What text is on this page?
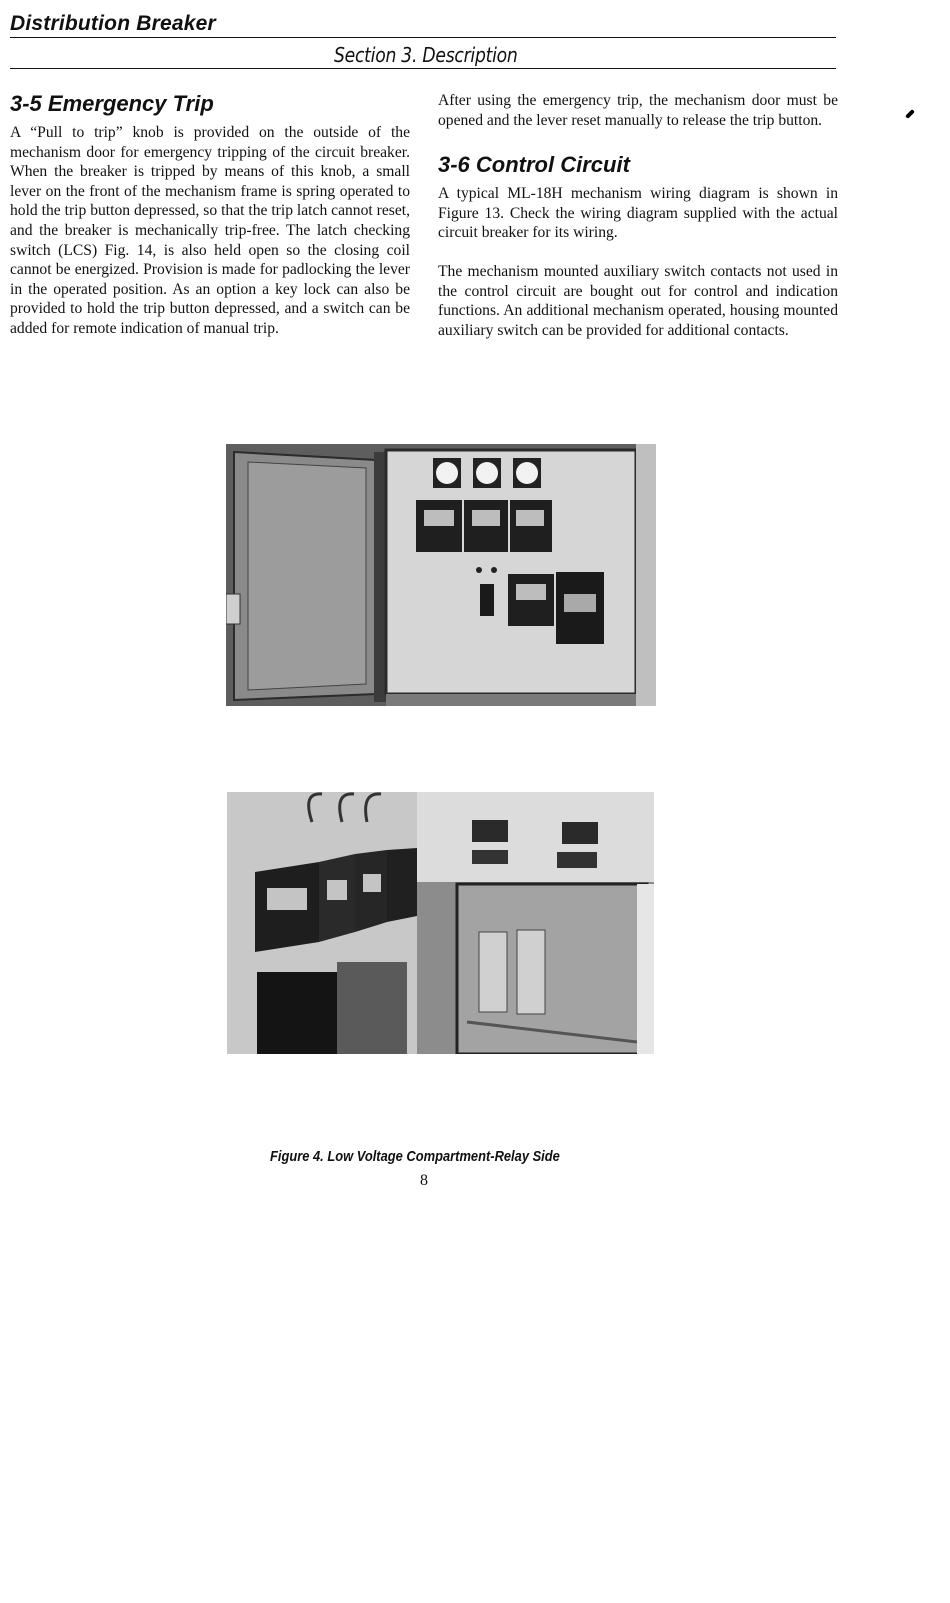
Distribution Breaker
Section 3. Description
3-5 Emergency Trip

A “Pull to trip” knob is provided on the outside of the mechanism door for emergency tripping of the circuit breaker. When the breaker is tripped by means of this knob, a small lever on the front of the mechanism frame is spring operated to hold the trip button depressed, so that the trip latch cannot reset, and the breaker is mechanically trip-free. The latch checking switch (LCS) Fig. 14, is also held open so the closing coil cannot be energized. Provision is made for padlocking the lever in the operated position. As an option a key lock can also be provided to hold the trip button depressed, and a switch can be added for remote indication of manual trip.

After using the emergency trip, the mechanism door must be opened and the lever reset manually to release the trip button.

3-6 Control Circuit

A typical ML-18H mechanism wiring diagram is shown in Figure 13. Check the wiring diagram supplied with the actual circuit breaker for its wiring.

The mechanism mounted auxiliary switch contacts not used in the control circuit are bought out for control and indication functions. An additional mechanism operated, housing mounted auxiliary switch can be provided for additional contacts.

Figure 4. Low Voltage Compartment-Relay Side
8
